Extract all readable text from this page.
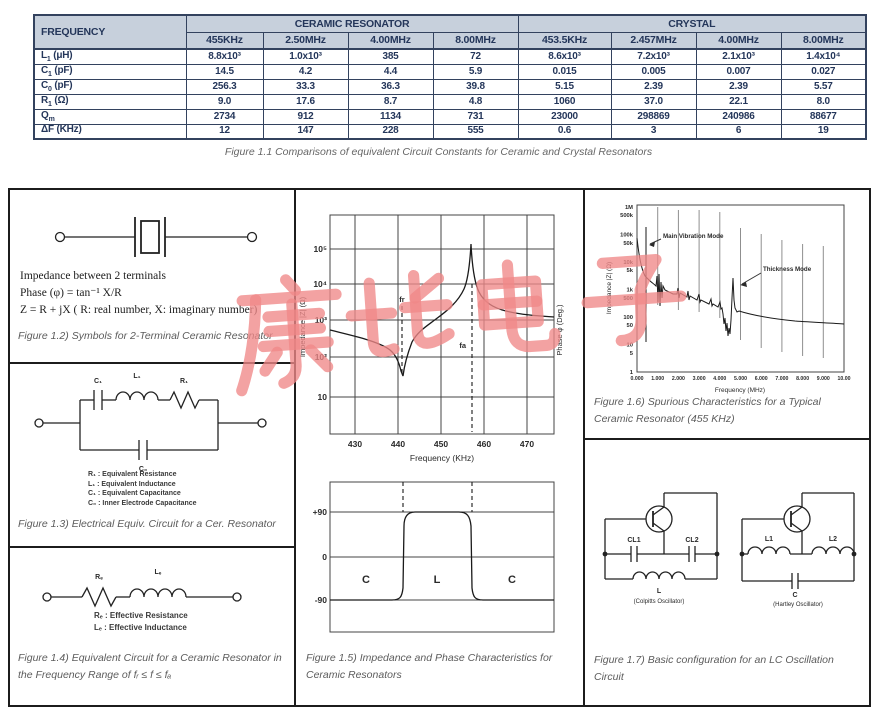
FREQUENCY	CERAMIC RESONATOR				CRYSTAL			
	455KHz	2.50MHz	4.00MHz	8.00MHz	453.5KHz	2.457MHz	4.00MHz	8.00MHz
$L_1$ (μH)	8.8x10³	1.0x10³	385	72	8.6x10³	7.2x10³	2.1x10³	1.4x10⁴
$C_1$ (pF)	14.5	4.2	4.4	5.9	0.015	0.005	0.007	0.027
$C_0$ (pF)	256.3	33.3	36.3	39.8	5.15	2.39	2.39	5.57
$R_1$ (Ω)	9.0	17.6	8.7	4.8	1060	37.0	22.1	8.0
$Q_m$	2734	912	1134	731	23000	298869	240986	88677
ΔF (KHz)	12	147	228	555	0.6	3	6	19
Figure 1.1 Comparisons of equivalent Circuit Constants for Ceramic and Crystal Resonators
Impedance between 2 terminals
Phase (φ) = tan⁻¹ X/R
Z = R + jX ( R: real number, X: imaginary number)
Figure 1.2) Symbols for 2-Terminal Ceramic Resonator
C₁
L₁
R₁
C₀
R₁ : Equivalent Resistance
L₁ : Equivalent Inductance
C₁ : Equivalent Capacitance
C₀ : Inner Electrode Capacitance
Figure 1.3) Electrical Equiv. Circuit for a Cer. Resonator
Rₑ
Lₑ
Rₑ : Effective Resistance
Lₑ : Effective Inductance
Figure 1.4) Equivalent Circuit for a Ceramic Resonator in the Frequency Range of fᵣ ≤ f ≤ fₐ
10⁵
10⁴
10³
10²
10
Impedance |Z| (Ω)
430	440	450	460	470
Frequency (KHz)
fr
fa	Phase φ (Deg.)
+90
0
-90
C	L	C
Figure 1.5) Impedance and Phase Characteristics for Ceramic Resonators
1M
500k
100k
50k
10k
5k
1k
500
100
50
10
5
1
0.000 1.000 2.000 3.000 4.000 5.000 6.000 7.000 8.000 9.000 10.00
Frequency (MHz)
Impedance |Z| (Ω)
Main Vibration Mode
Thickness Mode
Figure 1.6) Spurious Characteristics for a Typical Ceramic Resonator (455 KHz)
CL1	CL2
L
(Colpitts Oscillator)
L1	L2
C
(Hartley Oscillator)
Figure 1.7) Basic configuration for an LC Oscillation Circuit
